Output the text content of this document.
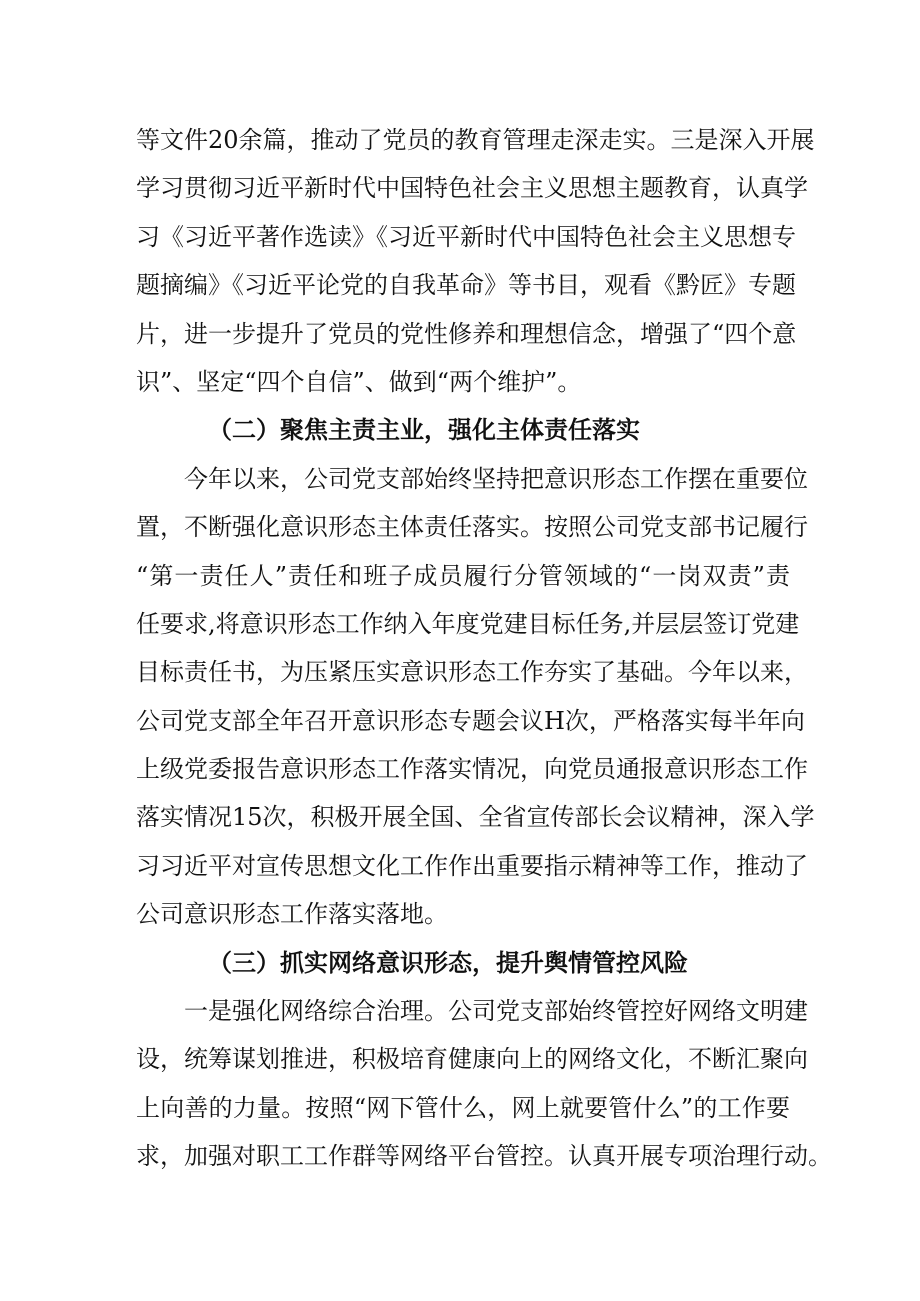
等文件20余篇，推动了党员的教育管理走深走实。三是深入开展
学习贯彻习近平新时代中国特色社会主义思想主题教育，认真学
习《习近平著作选读》《习近平新时代中国特色社会主义思想专
题摘编》《习近平论党的自我革命》等书目，观看《黔匠》专题
片，进一步提升了党员的党性修养和理想信念，增强了“四个意
识”、坚定“四个自信”、做到“两个维护”。
（二）聚焦主责主业，强化主体责任落实
今年以来，公司党支部始终坚持把意识形态工作摆在重要位
置，不断强化意识形态主体责任落实。按照公司党支部书记履行
“第一责任人”责任和班子成员履行分管领域的“一岗双责”责
任要求,将意识形态工作纳入年度党建目标任务,并层层签订党建
目标责任书，为压紧压实意识形态工作夯实了基础。今年以来，
公司党支部全年召开意识形态专题会议H次，严格落实每半年向
上级党委报告意识形态工作落实情况，向党员通报意识形态工作
落实情况15次，积极开展全国、全省宣传部长会议精神，深入学
习习近平对宣传思想文化工作作出重要指示精神等工作，推动了
公司意识形态工作落实落地。
（三）抓实网络意识形态，提升舆情管控风险
一是强化网络综合治理。公司党支部始终管控好网络文明建
设，统筹谋划推进，积极培育健康向上的网络文化，不断汇聚向
上向善的力量。按照“网下管什么，网上就要管什么”的工作要
求，加强对职工工作群等网络平台管控。认真开展专项治理行动。
